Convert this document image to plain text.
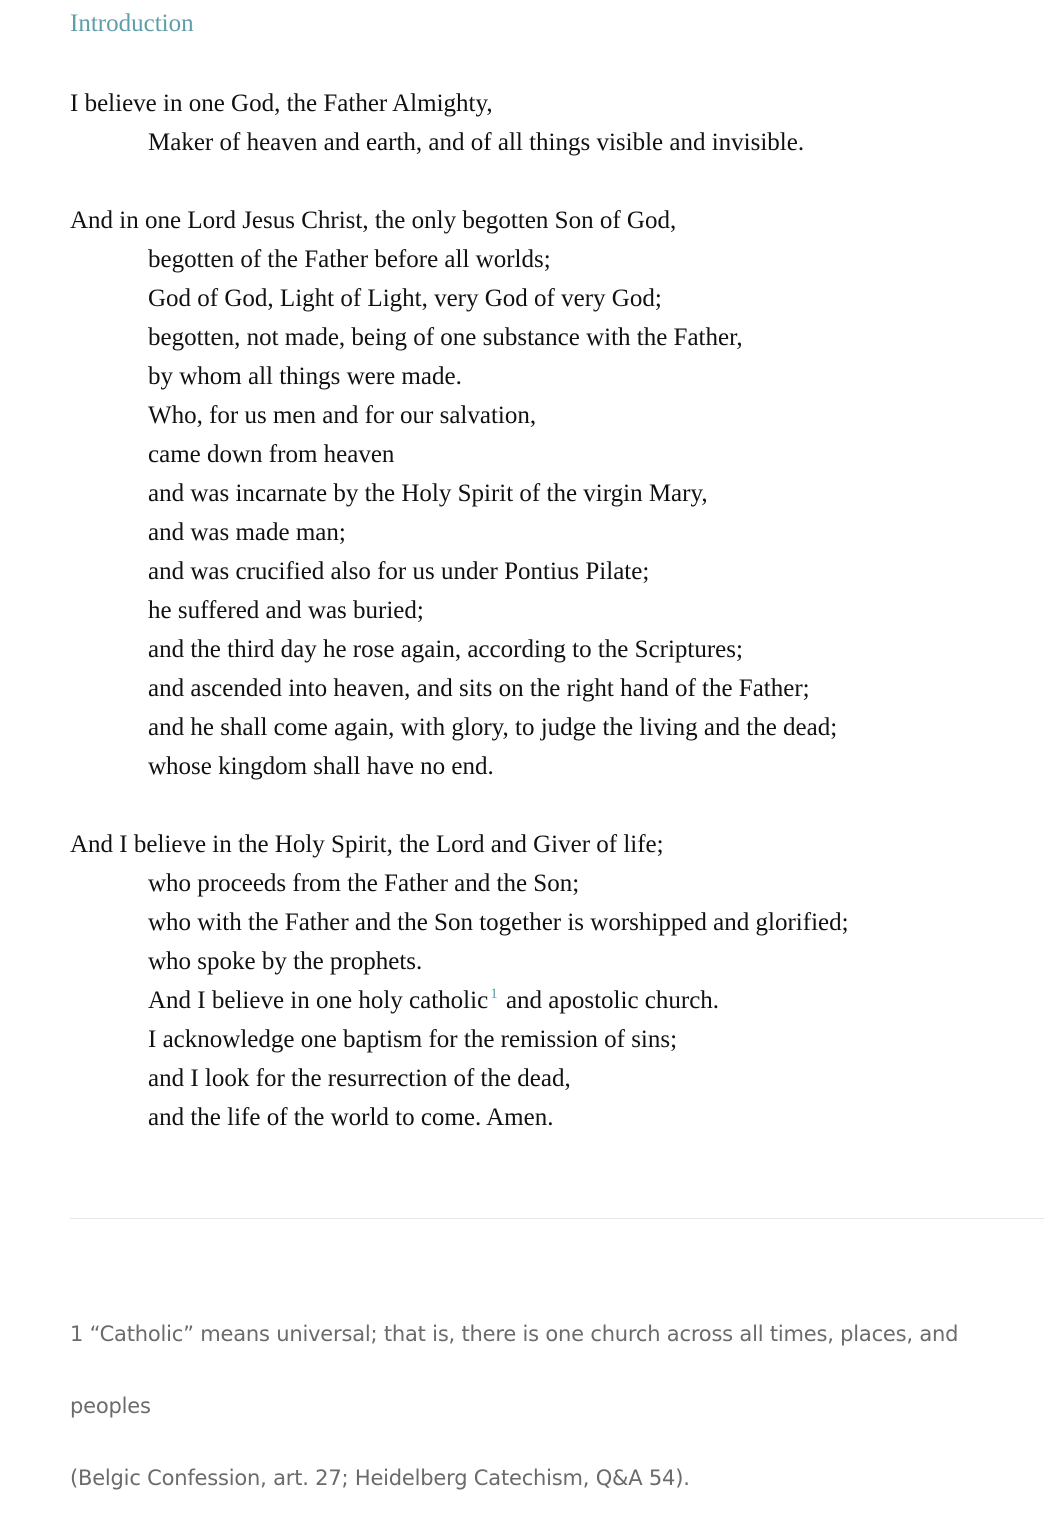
Introduction
I believe in one God, the Father Almighty,
Maker of heaven and earth, and of all things visible and invisible.
And in one Lord Jesus Christ, the only begotten Son of God,
begotten of the Father before all worlds;
God of God, Light of Light, very God of very God;
begotten, not made, being of one substance with the Father,
by whom all things were made.
Who, for us men and for our salvation,
came down from heaven
and was incarnate by the Holy Spirit of the virgin Mary,
and was made man;
and was crucified also for us under Pontius Pilate;
he suffered and was buried;
and the third day he rose again, according to the Scriptures;
and ascended into heaven, and sits on the right hand of the Father;
and he shall come again, with glory, to judge the living and the dead;
whose kingdom shall have no end.
And I believe in the Holy Spirit, the Lord and Giver of life;
who proceeds from the Father and the Son;
who with the Father and the Son together is worshipped and glorified;
who spoke by the prophets.
And I believe in one holy catholic $^1$ and apostolic church.
I acknowledge one baptism for the remission of sins;
and I look for the resurrection of the dead,
and the life of the world to come. Amen.
1 “Catholic” means universal; that is, there is one church across all times, places, and peoples
(Belgic Confession, art. 27; Heidelberg Catechism, Q&A 54).
